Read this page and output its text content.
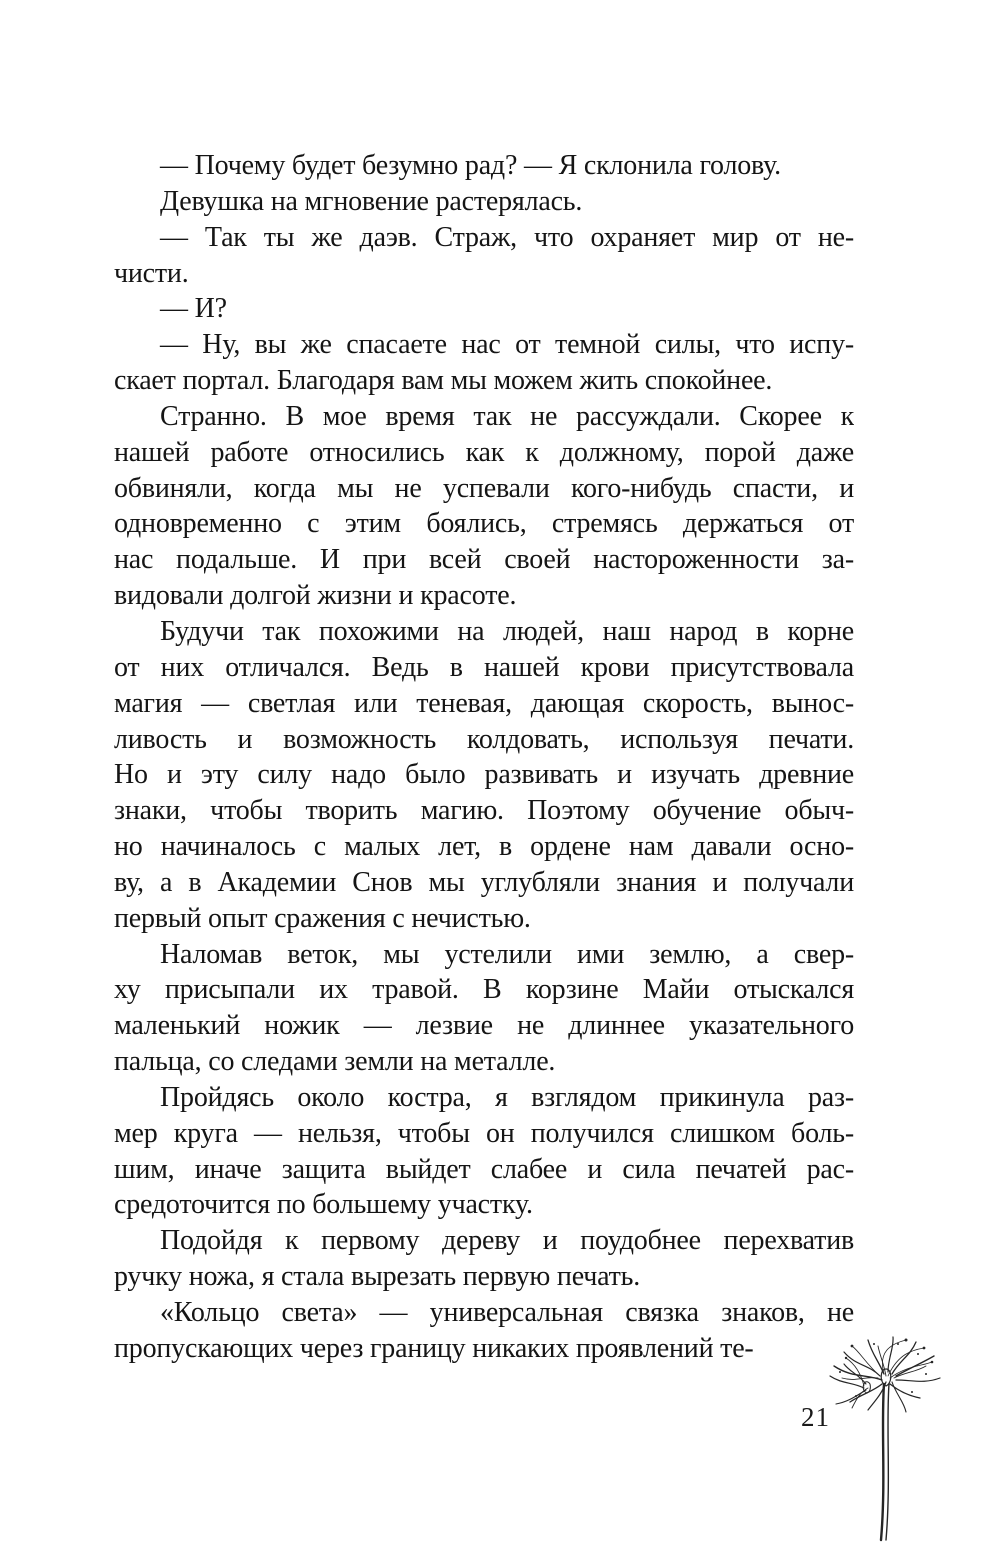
— Почему будет безумно рад? — Я склонила голову.
Девушка на мгновение растерялась.
— Так ты же даэв. Страж, что охраняет мир от не-
чисти.
— И?
— Ну, вы же спасаете нас от темной силы, что испу-
скает портал. Благодаря вам мы можем жить спокойнее.
Странно. В мое время так не рассуждали. Скорее к
нашей работе относились как к должному, порой даже
обвиняли, когда мы не успевали кого-нибудь спасти, и
одновременно с этим боялись, стремясь держаться от
нас подальше. И при всей своей настороженности за-
видовали долгой жизни и красоте.
Будучи так похожими на людей, наш народ в корне
от них отличался. Ведь в нашей крови присутствовала
магия — светлая или теневая, дающая скорость, вынос-
ливость и возможность колдовать, используя печати.
Но и эту силу надо было развивать и изучать древние
знаки, чтобы творить магию. Поэтому обучение обыч-
но начиналось с малых лет, в ордене нам давали осно-
ву, а в Академии Снов мы углубляли знания и получали
первый опыт сражения с нечистью.
Наломав веток, мы устелили ими землю, а свер-
ху присыпали их травой. В корзине Майи отыскался
маленький ножик — лезвие не длиннее указательного
пальца, со следами земли на металле.
Пройдясь около костра, я взглядом прикинула раз-
мер круга — нельзя, чтобы он получился слишком боль-
шим, иначе защита выйдет слабее и сила печатей рас-
средоточится по большему участку.
Подойдя к первому дереву и поудобнее перехватив
ручку ножа, я стала вырезать первую печать.
«Кольцо света» — универсальная связка знаков, не
пропускающих через границу никаких проявлений те-
21
